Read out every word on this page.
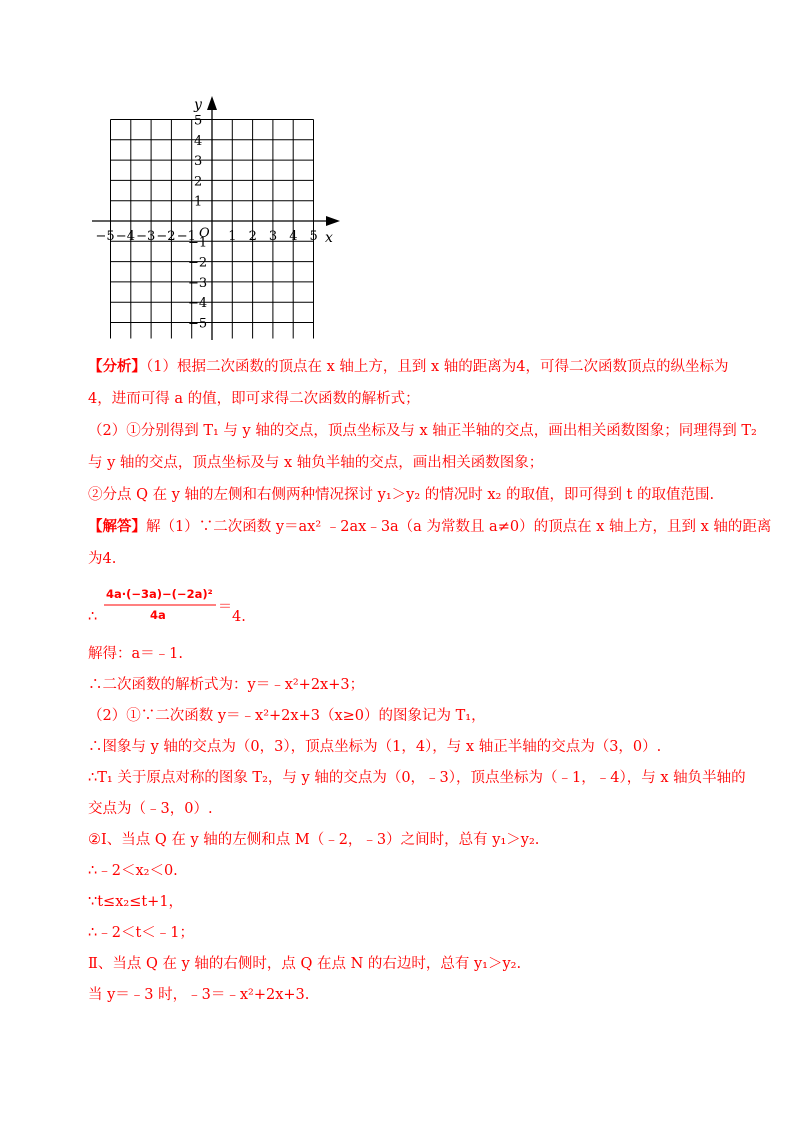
y
x
O
−5 −4 −3 −2 −1 1 2 3 4 5
5
4
3
2
1
−1
−2
−3
−4
−5
【分析】（1）根据二次函数的顶点在 x 轴上方，且到 x 轴的距离为4，可得二次函数顶点的纵坐标为
4，进而可得 a 的值，即可求得二次函数的解析式；
（2）①分别得到 T₁ 与 y 轴的交点，顶点坐标及与 x 轴正半轴的交点，画出相关函数图象；同理得到 T₂
与 y 轴的交点，顶点坐标及与 x 轴负半轴的交点，画出相关函数图象；
②分点 Q 在 y 轴的左侧和右侧两种情况探讨 y₁＞y₂ 的情况时 x₂ 的取值，即可得到 t 的取值范围.
【解答】解（1）∵二次函数 y＝ax² ﹣2ax﹣3a（a 为常数且 a≠0）的顶点在 x 轴上方，且到 x 轴的距离
为4.
4a·(−3a)−(−2a)²
4a	＝
∴	4.
解得：a＝﹣1.
∴二次函数的解析式为：y＝﹣x²+2x+3；
（2）①∵二次函数 y＝﹣x²+2x+3（x≥0）的图象记为 T₁，
∴图象与 y 轴的交点为（0，3），顶点坐标为（1，4），与 x 轴正半轴的交点为（3，0）.
∴T₁ 关于原点对称的图象 T₂，与 y 轴的交点为（0，﹣3），顶点坐标为（﹣1，﹣4），与 x 轴负半轴的
交点为（﹣3，0）.
②Ⅰ、当点 Q 在 y 轴的左侧和点 M（﹣2，﹣3）之间时，总有 y₁＞y₂.
∴﹣2＜x₂＜0.
∵t≤x₂≤t+1，
∴﹣2＜t＜﹣1；
Ⅱ、当点 Q 在 y 轴的右侧时，点 Q 在点 N 的右边时，总有 y₁＞y₂.
当 y＝﹣3 时，﹣3＝﹣x²+2x+3.
